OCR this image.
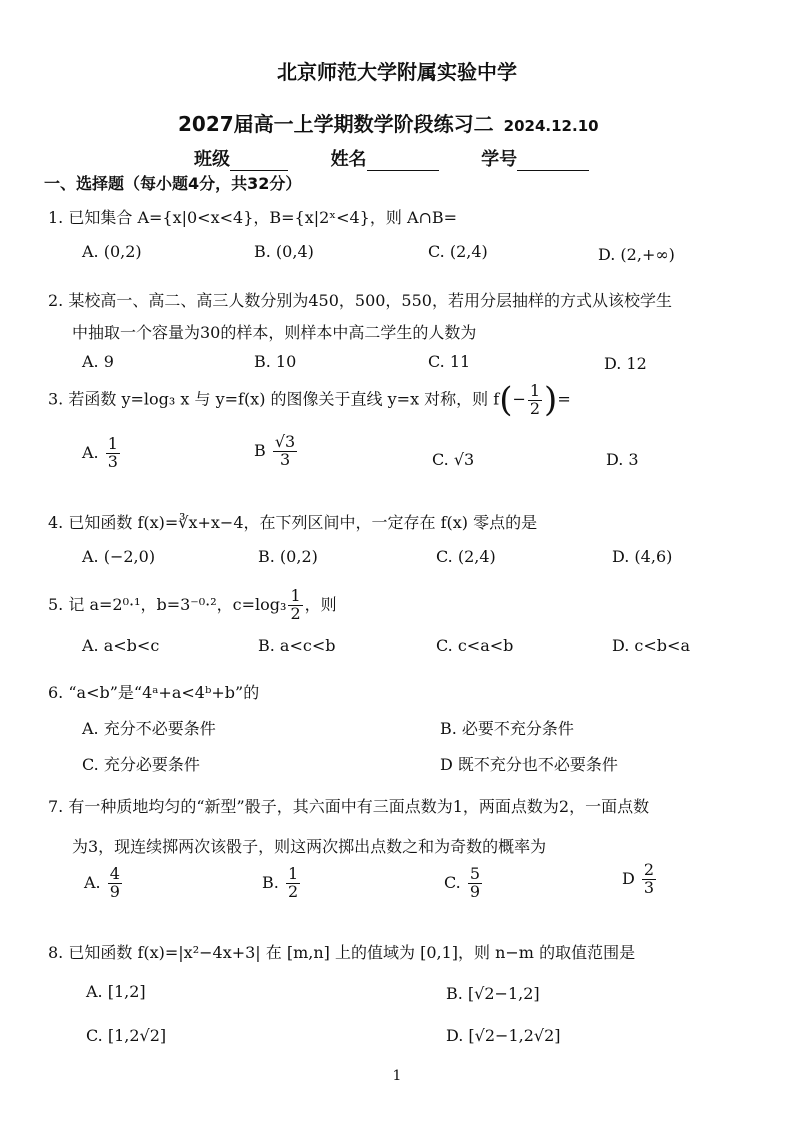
北京师范大学附属实验中学
2027届高一上学期数学阶段练习二 2024.12.10
班级	姓名	学号
一、选择题（每小题4分，共32分）
1. 已知集合 A={x|0<x<4}，B={x|2ˣ<4}，则 A∩B=
A. (0,2)	B. (0,4)	C. (2,4)	D. (2,+∞)
2. 某校高一、高二、高三人数分别为450，500，550，若用分层抽样的方式从该校学生
中抽取一个容量为30的样本，则样本中高二学生的人数为
A. 9	B. 10	C. 11	D. 12
3. 若函数 y=log₃ x 与 y=f(x) 的图像关于直线 y=x 对称，则 $f(- \frac{1}{2}$ )=
A. $\frac{1}{3}$	B $\frac{√3}{3}$	C. √3	D. 3
4. 已知函数 f(x)=∛x+x−4，在下列区间中，一定存在 f(x) 零点的是
A. (−2,0)	B. (0,2)	C. (2,4)	D. (4,6)
5. 记 a=2⁰·¹，b=3⁻⁰·²，$c=\log_3 \frac{1}{2}$ ，则
A. a<b<c	B. a<c<b	C. c<a<b	D. c<b<a
6. “a<b”是“4ᵃ+a<4ᵇ+b”的
A. 充分不必要条件	B. 必要不充分条件
C. 充分必要条件	D 既不充分也不必要条件
7. 有一种质地均匀的“新型”骰子，其六面中有三面点数为1，两面点数为2，一面点数
为3，现连续掷两次该骰子，则这两次掷出点数之和为奇数的概率为
A. $\frac{4}{9}$	B. $\frac{1}{2}$	C. $\frac{5}{9}$	D $\frac{2}{3}$
8. 已知函数 f(x)=|x²−4x+3| 在 [m,n] 上的值域为 [0,1]，则 n−m 的取值范围是
A. [1,2]	B. [√2−1,2]
C. [1,2√2]	D. [√2−1,2√2]
1
